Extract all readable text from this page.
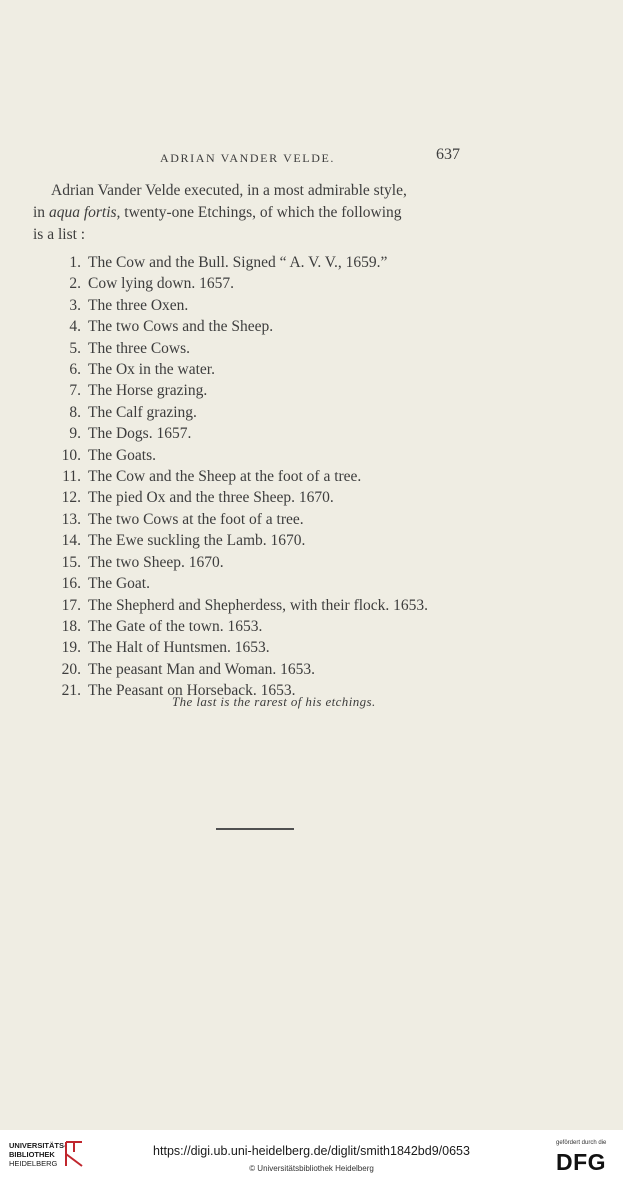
ADRIAN VANDER VELDE.	637
Adrian Vander Velde executed, in a most admirable style,
in aqua fortis, twenty-one Etchings, of which the following
is a list :
1. The Cow and the Bull. Signed “ A. V. V., 1659.”
2. Cow lying down. 1657.
3. The three Oxen.
4. The two Cows and the Sheep.
5. The three Cows.
6. The Ox in the water.
7. The Horse grazing.
8. The Calf grazing.
9. The Dogs. 1657.
10. The Goats.
11. The Cow and the Sheep at the foot of a tree.
12. The pied Ox and the three Sheep. 1670.
13. The two Cows at the foot of a tree.
14. The Ewe suckling the Lamb. 1670.
15. The two Sheep. 1670.
16. The Goat.
17. The Shepherd and Shepherdess, with their flock. 1653.
18. The Gate of the town. 1653.
19. The Halt of Huntsmen. 1653.
20. The peasant Man and Woman. 1653.
21. The Peasant on Horseback. 1653.
The last is the rarest of his etchings.
UNIVERSITÄTS-
BIBLIOTHEK
HEIDELBERG
https://digi.ub.uni-heidelberg.de/diglit/smith1842bd9/0653
© Universitätsbibliothek Heidelberg
gefördert durch die
DFG
